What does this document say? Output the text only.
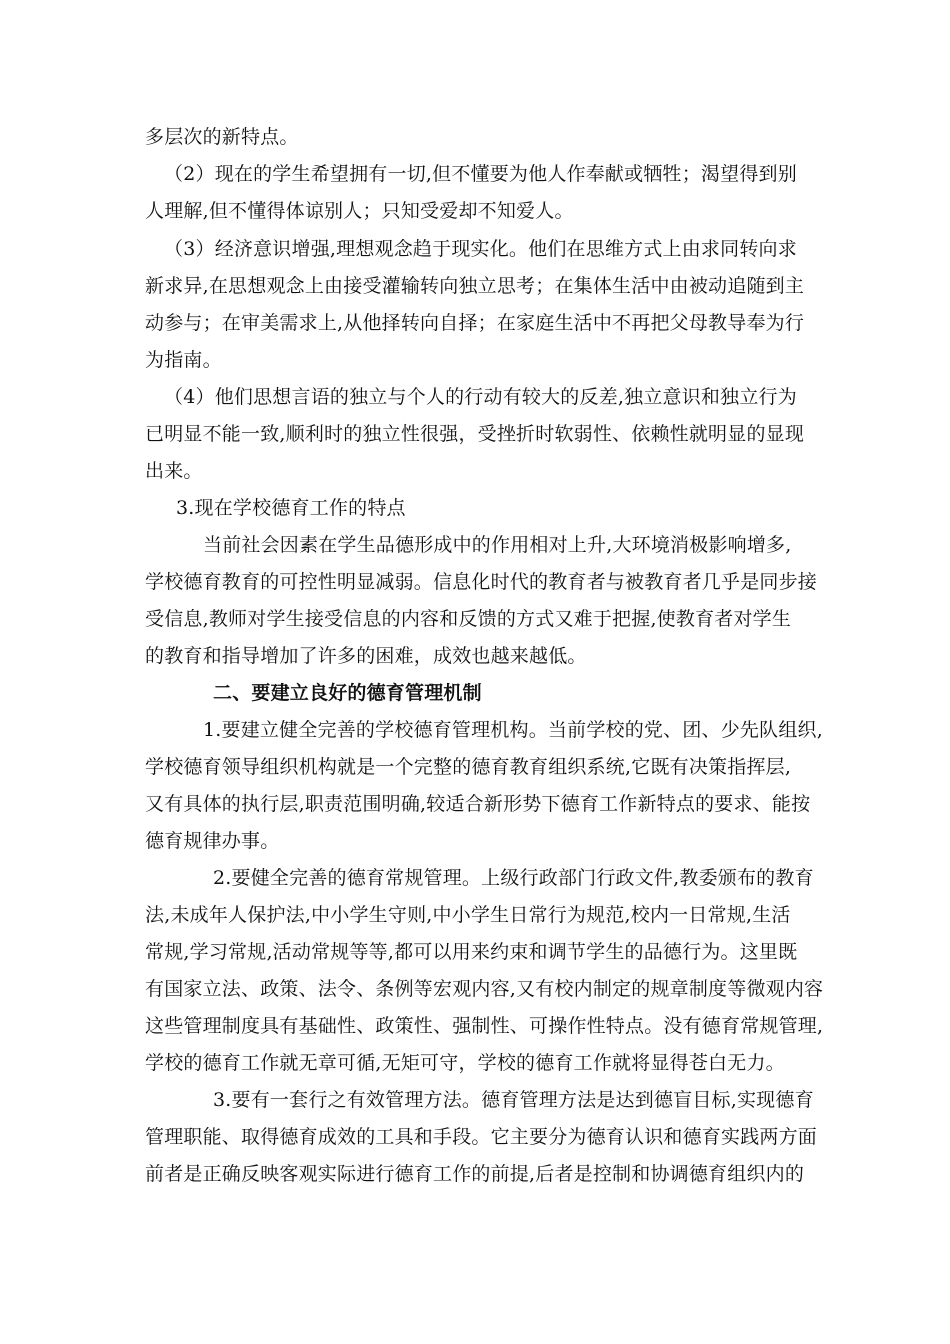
多层次的新特点。
（2）现在的学生希望拥有一切,但不懂要为他人作奉献或牺牲；渴望得到别
人理解,但不懂得体谅别人；只知受爱却不知爱人。
（3）经济意识增强,理想观念趋于现实化。他们在思维方式上由求同转向求
新求异,在思想观念上由接受灌输转向独立思考；在集体生活中由被动追随到主
动参与；在审美需求上,从他择转向自择；在家庭生活中不再把父母教导奉为行
为指南。
（4）他们思想言语的独立与个人的行动有较大的反差,独立意识和独立行为
已明显不能一致,顺利时的独立性很强，受挫折时软弱性、依赖性就明显的显现
出来。
3.现在学校德育工作的特点
当前社会因素在学生品德形成中的作用相对上升,大环境消极影响增多,
学校德育教育的可控性明显减弱。信息化时代的教育者与被教育者几乎是同步接
受信息,教师对学生接受信息的内容和反馈的方式又难于把握,使教育者对学生
的教育和指导增加了许多的困难，成效也越来越低。
二、要建立良好的德育管理机制
1.要建立健全完善的学校德育管理机构。当前学校的党、团、少先队组织,
学校德育领导组织机构就是一个完整的德育教育组织系统,它既有决策指挥层,
又有具体的执行层,职责范围明确,较适合新形势下德育工作新特点的要求、能按
德育规律办事。
2.要健全完善的德育常规管理。上级行政部门行政文件,教委颁布的教育
法,未成年人保护法,中小学生守则,中小学生日常行为规范,校内一日常规,生活
常规,学习常规,活动常规等等,都可以用来约束和调节学生的品德行为。这里既
有国家立法、政策、法令、条例等宏观内容,又有校内制定的规章制度等微观内容
这些管理制度具有基础性、政策性、强制性、可操作性特点。没有德育常规管理,
学校的德育工作就无章可循,无矩可守，学校的德育工作就将显得苍白无力。
3.要有一套行之有效管理方法。德育管理方法是达到德盲目标,实现德育
管理职能、取得德育成效的工具和手段。它主要分为德育认识和德育实践两方面
前者是正确反映客观实际进行德育工作的前提,后者是控制和协调德育组织内的
